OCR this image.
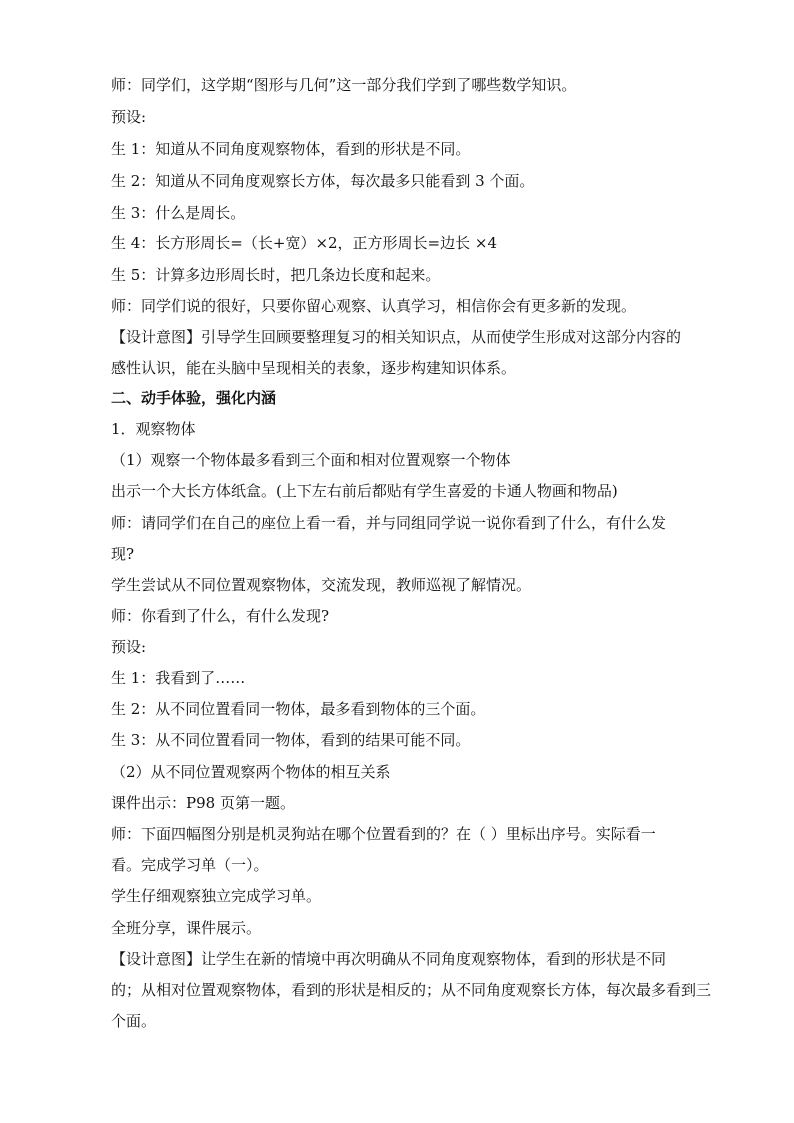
师：同学们，这学期“图形与几何”这一部分我们学到了哪些数学知识。
预设:
生 1：知道从不同角度观察物体，看到的形状是不同。
生 2：知道从不同角度观察长方体，每次最多只能看到 3 个面。
生 3：什么是周长。
生 4：长方形周长=（长+宽）×2，正方形周长=边长 ×4
生 5：计算多边形周长时，把几条边长度和起来。
师：同学们说的很好，只要你留心观察、认真学习，相信你会有更多新的发现。
【设计意图】引导学生回顾要整理复习的相关知识点，从而使学生形成对这部分内容的
感性认识，能在头脑中呈现相关的表象，逐步构建知识体系。
二、动手体验，强化内涵
1．观察物体
（1）观察一个物体最多看到三个面和相对位置观察一个物体
出示一个大长方体纸盒。(上下左右前后都贴有学生喜爱的卡通人物画和物品)
师：请同学们在自己的座位上看一看，并与同组同学说一说你看到了什么，有什么发
现?
学生尝试从不同位置观察物体，交流发现，教师巡视了解情况。
师：你看到了什么，有什么发现?
预设:
生 1：我看到了……
生 2：从不同位置看同一物体，最多看到物体的三个面。
生 3：从不同位置看同一物体，看到的结果可能不同。
（2）从不同位置观察两个物体的相互关系
课件出示：P98 页第一题。
师：下面四幅图分别是机灵狗站在哪个位置看到的？在（ ）里标出序号。实际看一
看。完成学习单（一）。
学生仔细观察独立完成学习单。
全班分享，课件展示。
【设计意图】让学生在新的情境中再次明确从不同角度观察物体，看到的形状是不同
的；从相对位置观察物体，看到的形状是相反的；从不同角度观察长方体，每次最多看到三
个面。
